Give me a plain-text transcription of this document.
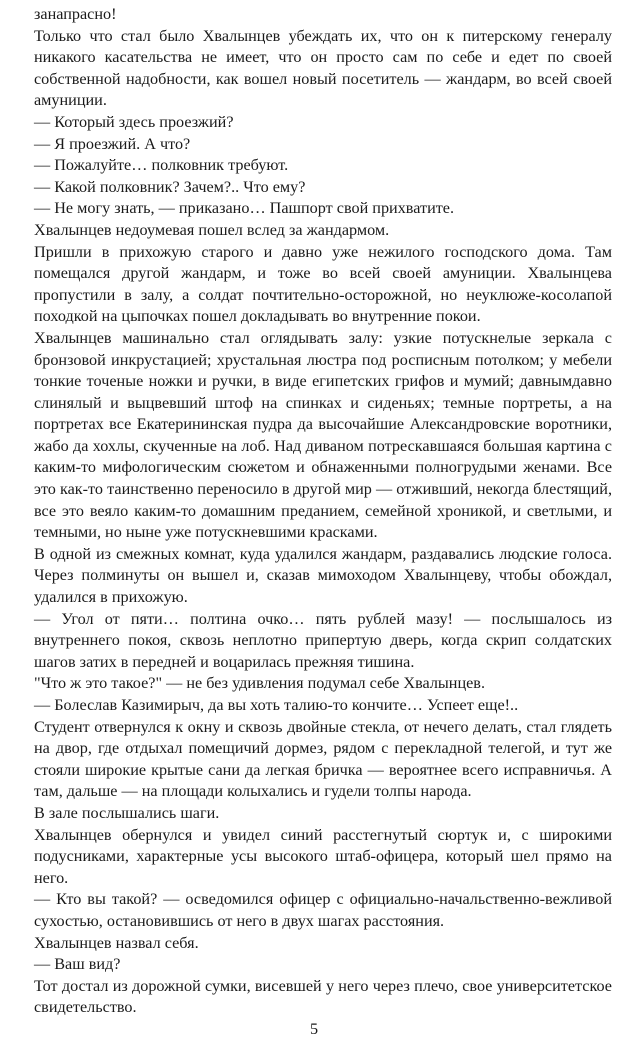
занапрасно!

Только что стал было Хвалынцев убеждать их, что он к питерскому генералу никакого касательства не имеет, что он просто сам по себе и едет по своей собственной надобности, как вошел новый посетитель — жандарм, во всей своей амуниции.

— Который здесь проезжий?

— Я проезжий. А что?

— Пожалуйте… полковник требуют.

— Какой полковник? Зачем?.. Что ему?

— Не могу знать, — приказано… Пашпорт свой прихватите.

Хвалынцев недоумевая пошел вслед за жандармом.

Пришли в прихожую старого и давно уже нежилого господского дома. Там помещался другой жандарм, и тоже во всей своей амуниции. Хвалынцева пропустили в залу, а солдат почтительно-осторожной, но неуклюже-косолапой походкой на цыпочках пошел докладывать во внутренние покои.

Хвалынцев машинально стал оглядывать залу: узкие потускнелые зеркала с бронзовой инкрустацией; хрустальная люстра под росписным потолком; у мебели тонкие точеные ножки и ручки, в виде египетских грифов и мумий; давнымдавно слинялый и выцвевший штоф на спинках и сиденьях; темные портреты, а на портретах все Екатерининская пудра да высочайшие Александровские воротники, жабо да хохлы, скученные на лоб. Над диваном потрескавшаяся большая картина с каким-то мифологическим сюжетом и обнаженными полногрудыми женами. Все это как-то таинственно переносило в другой мир — отживший, некогда блестящий, все это веяло каким-то домашним преданием, семейной хроникой, и светлыми, и темными, но ныне уже потускневшими красками.

В одной из смежных комнат, куда удалился жандарм, раздавались людские голоса. Через полминуты он вышел и, сказав мимоходом Хвалынцеву, чтобы обождал, удалился в прихожую.

— Угол от пяти… полтина очко… пять рублей мазу! — послышалось из внутреннего покоя, сквозь неплотно припертую дверь, когда скрип солдатских шагов затих в передней и воцарилась прежняя тишина.

"Что ж это такое?" — не без удивления подумал себе Хвалынцев.

— Болеслав Казимирыч, да вы хоть талию-то кончите… Успеет еще!..

Студент отвернулся к окну и сквозь двойные стекла, от нечего делать, стал глядеть на двор, где отдыхал помещичий дормез, рядом с перекладной телегой, и тут же стояли широкие крытые сани да легкая бричка — вероятнее всего исправничья. А там, дальше — на площади колыхались и гудели толпы народа.

В зале послышались шаги.

Хвалынцев обернулся и увидел синий расстегнутый сюртук и, с широкими подусниками, характерные усы высокого штаб-офицера, который шел прямо на него.

— Кто вы такой? — осведомился офицер с официально-начальственно-вежливой сухостью, остановившись от него в двух шагах расстояния.

Хвалынцев назвал себя.

— Ваш вид?

Тот достал из дорожной сумки, висевшей у него через плечо, свое университетское свидетельство.

5
